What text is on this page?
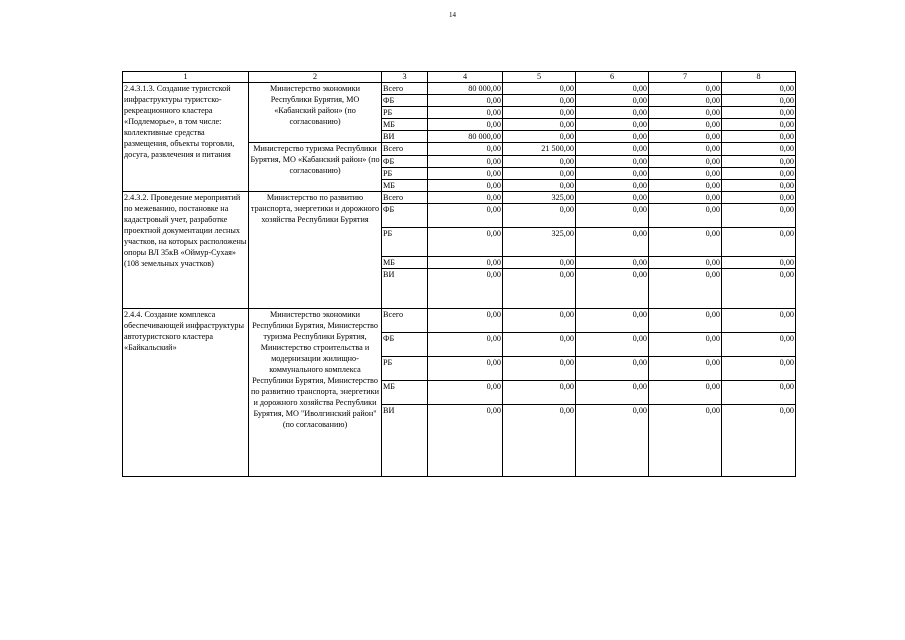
14
1	2	3	4	5	6	7	8
2.4.3.1.3. Создание туристской инфраструктуры туристско-рекреационного кластера «Подлеморье», в том числе: коллективные средства размещения, объекты торговли, досуга, развлечения и питания	Министерство экономики Республики Бурятия, МО «Кабанский район» (по согласованию)	Всего	80 000,00	0,00	0,00	0,00	0,00
		ФБ	0,00	0,00	0,00	0,00	0,00
		РБ	0,00	0,00	0,00	0,00	0,00
		МБ	0,00	0,00	0,00	0,00	0,00
		ВИ	80 000,00	0,00	0,00	0,00	0,00
	Министерство туризма Республики Бурятия, МО «Кабанский район» (по согласованию)	Всего	0,00	21 500,00	0,00	0,00	0,00
		ФБ	0,00	0,00	0,00	0,00	0,00
		РБ	0,00	0,00	0,00	0,00	0,00
		МБ	0,00	0,00	0,00	0,00	0,00
2.4.3.2. Проведение мероприятий по межеванию, постановке на кадастровый учет, разработке проектной документации лесных участков, на которых расположены опоры ВЛ 35кВ «Оймур-Сухая» (108 земельных участков)	Министерство по развитию транспорта, энергетики и дорожного хозяйства Республики Бурятия	Всего	0,00	325,00	0,00	0,00	0,00
		ФБ	0,00	0,00	0,00	0,00	0,00
		РБ	0,00	325,00	0,00	0,00	0,00
		МБ	0,00	0,00	0,00	0,00	0,00
		ВИ	0,00	0,00	0,00	0,00	0,00
2.4.4. Создание комплекса обеспечивающей инфраструктуры автотуристского кластера «Байкальский»	Министерство экономики Республики Бурятия, Министерство туризма Республики Бурятия, Министерство строительства и модернизации жилищно-коммунального комплекса Республики Бурятия, Министерство по развитию транспорта, энергетики и дорожного хозяйства Республики Бурятия, МО "Иволгинский район" (по согласованию)	Всего	0,00	0,00	0,00	0,00	0,00
		ФБ	0,00	0,00	0,00	0,00	0,00
		РБ	0,00	0,00	0,00	0,00	0,00
		МБ	0,00	0,00	0,00	0,00	0,00
		ВИ	0,00	0,00	0,00	0,00	0,00
